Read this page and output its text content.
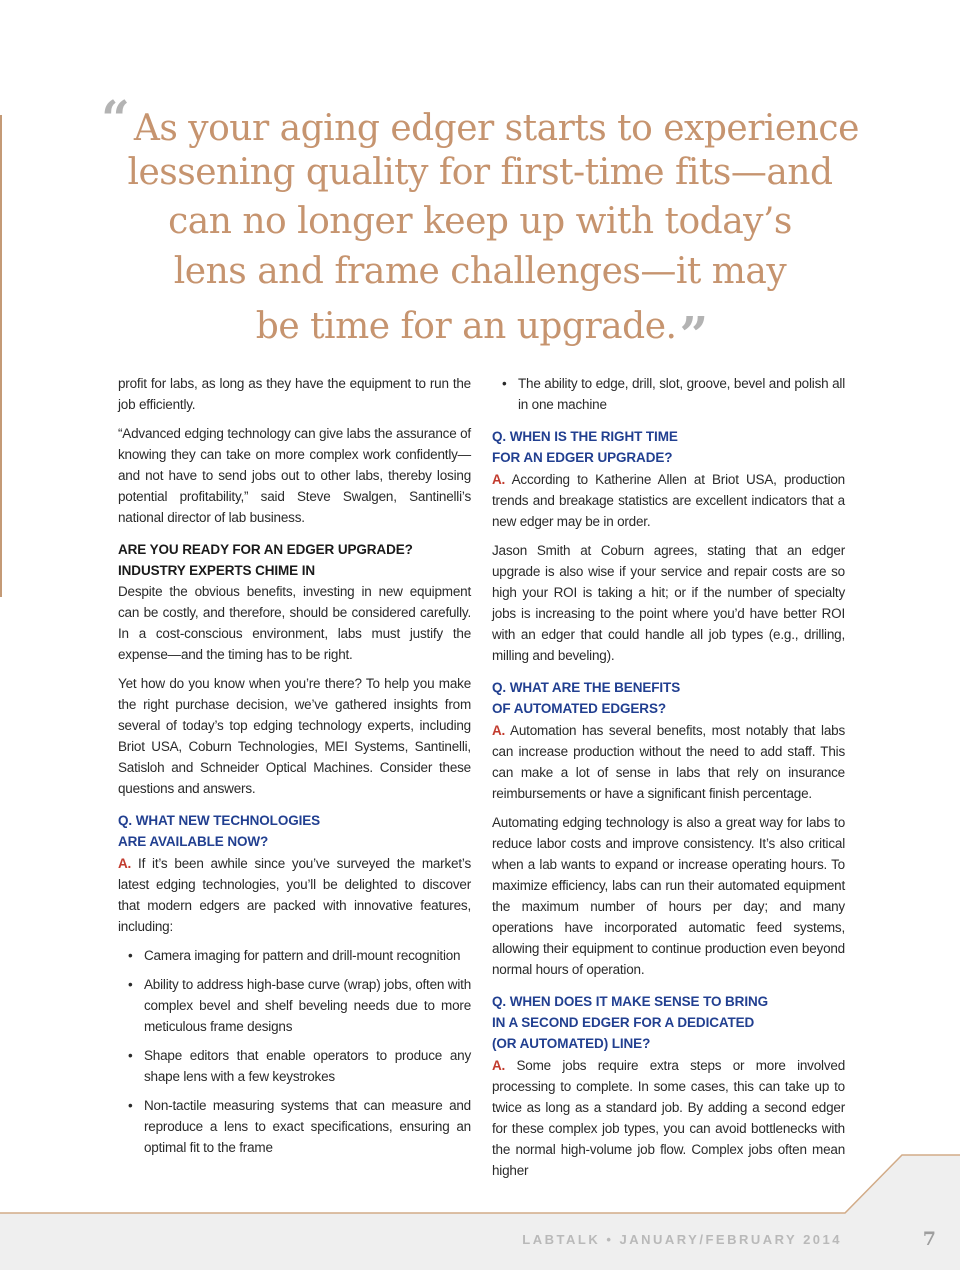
“ As your aging edger starts to experience
lessening quality for first-time fits—and
can no longer keep up with today’s
lens and frame challenges—it may
be time for an upgrade.”

profit for labs, as long as they have the equipment to run the job efficiently.

“Advanced edging technology can give labs the assurance of knowing they can take on more complex work confidently—and not have to send jobs out to other labs, thereby losing potential profitability,” said Steve Swalgen, Santinelli’s national director of lab business.

ARE YOU READY FOR AN EDGER UPGRADE?
INDUSTRY EXPERTS CHIME IN

Despite the obvious benefits, investing in new equipment can be costly, and therefore, should be considered carefully. In a cost-conscious environment, labs must justify the expense—and the timing has to be right.

Yet how do you know when you’re there? To help you make the right purchase decision, we’ve gathered insights from several of today’s top edging technology experts, including Briot USA, Coburn Technologies, MEI Systems, Santinelli, Satisloh and Schneider Optical Machines. Consider these questions and answers.

Q. WHAT NEW TECHNOLOGIES
ARE AVAILABLE NOW?

A. If it’s been awhile since you’ve surveyed the market’s latest edging technologies, you’ll be delighted to discover that modern edgers are packed with innovative features, including:

• Camera imaging for pattern and drill-mount recognition
• Ability to address high-base curve (wrap) jobs, often with complex bevel and shelf beveling needs due to more meticulous frame designs
• Shape editors that enable operators to produce any shape lens with a few keystrokes
• Non-tactile measuring systems that can measure and reproduce a lens to exact specifications, ensuring an optimal fit to the frame
• The ability to edge, drill, slot, groove, bevel and polish all in one machine
Q. WHEN IS THE RIGHT TIME
FOR AN EDGER UPGRADE?

A. According to Katherine Allen at Briot USA, production trends and breakage statistics are excellent indicators that a new edger may be in order.

Jason Smith at Coburn agrees, stating that an edger upgrade is also wise if your service and repair costs are so high your ROI is taking a hit; or if the number of specialty jobs is increasing to the point where you’d have better ROI with an edger that could handle all job types (e.g., drilling, milling and beveling).

Q. WHAT ARE THE BENEFITS
OF AUTOMATED EDGERS?

A. Automation has several benefits, most notably that labs can increase production without the need to add staff. This can make a lot of sense in labs that rely on insurance reimbursements or have a significant finish percentage.

Automating edging technology is also a great way for labs to reduce labor costs and improve consistency. It’s also critical when a lab wants to expand or increase operating hours. To maximize efficiency, labs can run their automated equipment the maximum number of hours per day; and many operations have incorporated automatic feed systems, allowing their equipment to continue production even beyond normal hours of operation.

Q. WHEN DOES IT MAKE SENSE TO BRING
IN A SECOND EDGER FOR A DEDICATED
(OR AUTOMATED) LINE?

A. Some jobs require extra steps or more involved processing to complete. In some cases, this can take up to twice as long as a standard job. By adding a second edger for these complex job types, you can avoid bottlenecks with the normal high-volume job flow. Complex jobs often mean higher

LABTALK • JANUARY/FEBRUARY 2014	7
